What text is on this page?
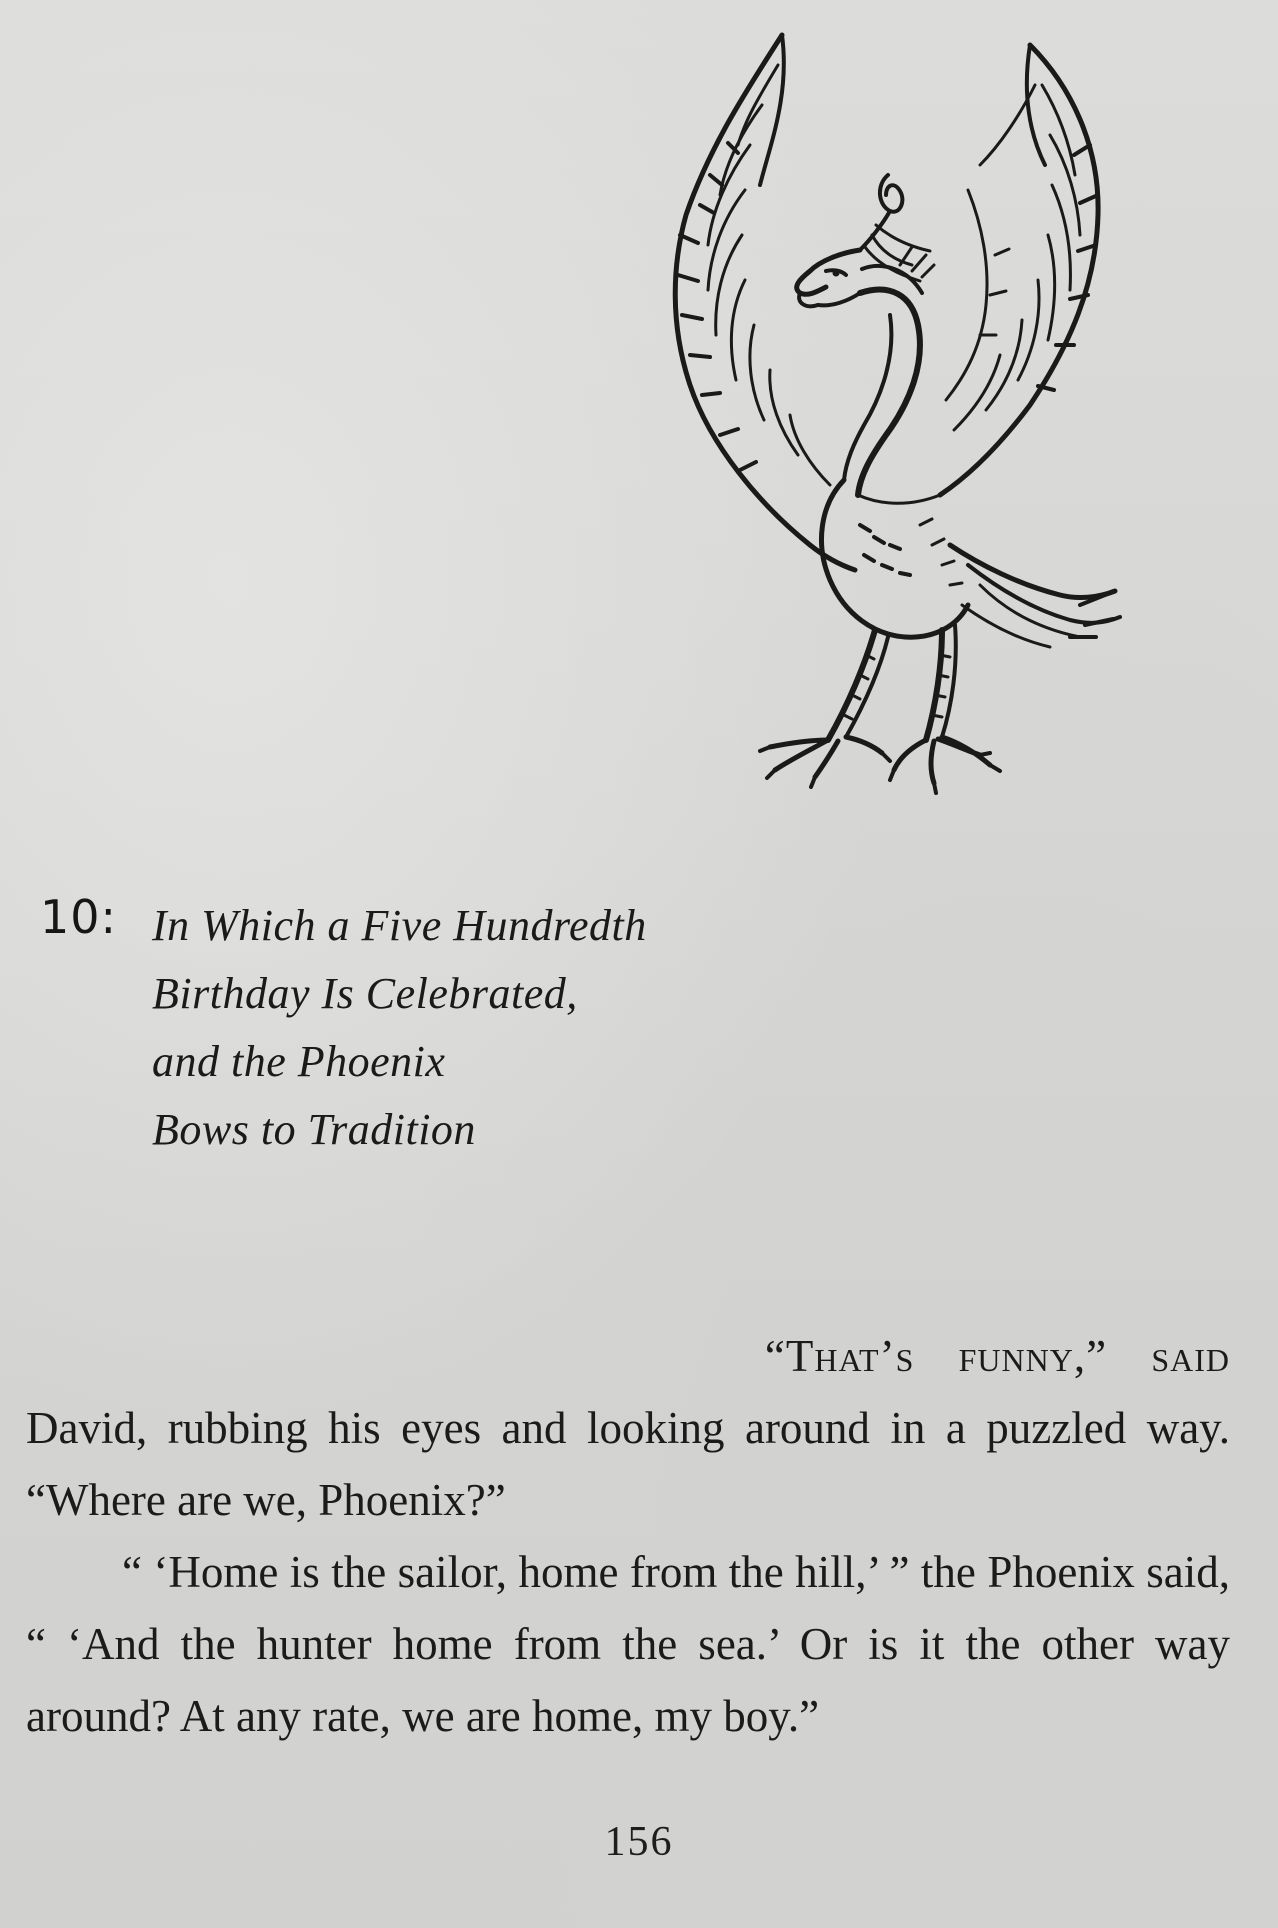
10: In Which a Five Hundredth
Birthday Is Celebrated,
and the Phoenix
Bows to Tradition

“That’s funny,” said

David, rubbing his eyes and looking around in a puzzled way. “Where are we, Phoenix?”

“ ‘Home is the sailor, home from the hill,’ ” the Phoenix said, “ ‘And the hunter home from the sea.’ Or is it the other way around? At any rate, we are home, my boy.”

156
